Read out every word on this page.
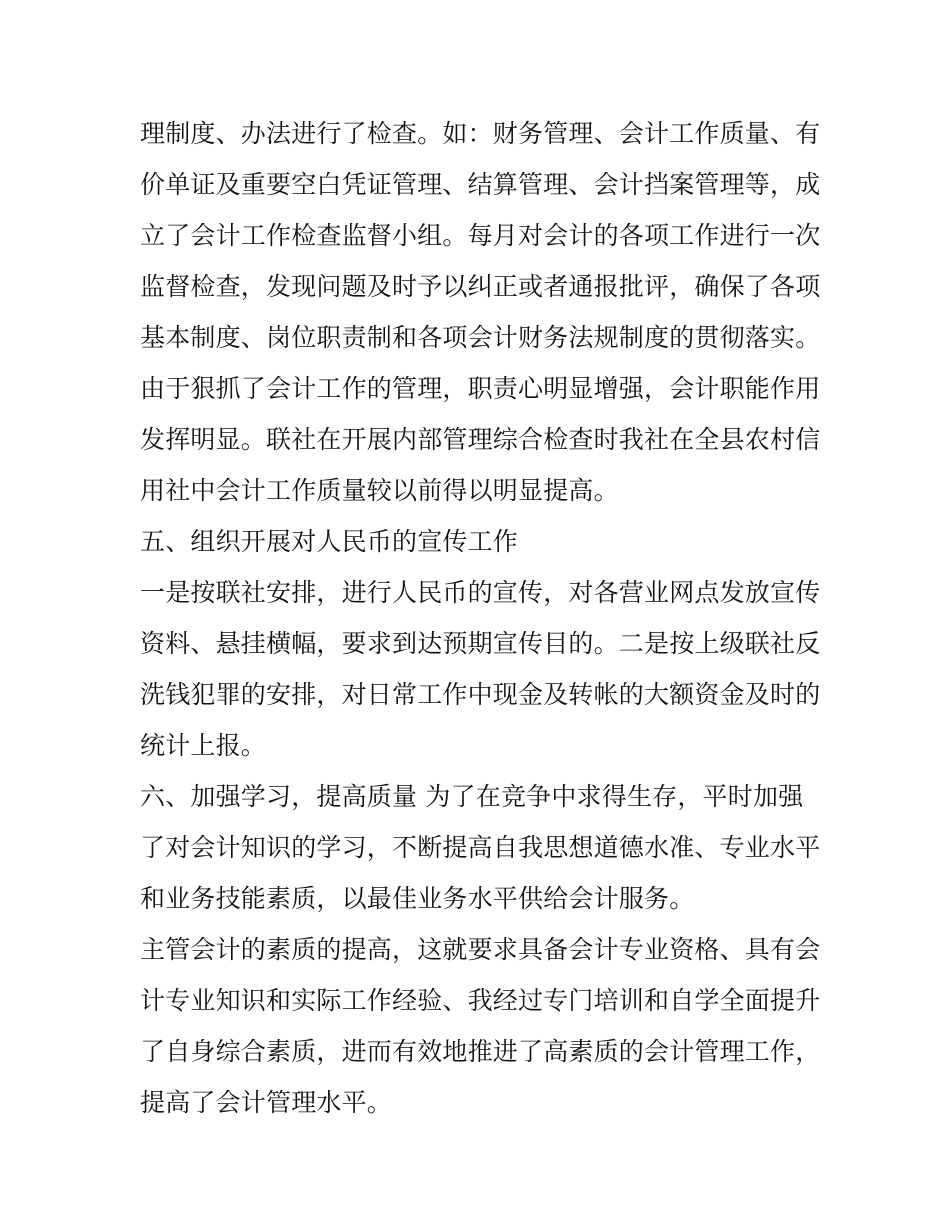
理制度、办法进行了检查。如：财务管理、会计工作质量、有
价单证及重要空白凭证管理、结算管理、会计挡案管理等，成
立了会计工作检查监督小组。每月对会计的各项工作进行一次
监督检查，发现问题及时予以纠正或者通报批评，确保了各项
基本制度、岗位职责制和各项会计财务法规制度的贯彻落实。
由于狠抓了会计工作的管理，职责心明显增强，会计职能作用
发挥明显。联社在开展内部管理综合检查时我社在全县农村信
用社中会计工作质量较以前得以明显提高。
五、组织开展对人民币的宣传工作
一是按联社安排，进行人民币的宣传，对各营业网点发放宣传
资料、悬挂横幅，要求到达预期宣传目的。二是按上级联社反
洗钱犯罪的安排，对日常工作中现金及转帐的大额资金及时的
统计上报。
六、加强学习，提高质量 为了在竞争中求得生存，平时加强
了对会计知识的学习，不断提高自我思想道德水准、专业水平
和业务技能素质，以最佳业务水平供给会计服务。
主管会计的素质的提高，这就要求具备会计专业资格、具有会
计专业知识和实际工作经验、我经过专门培训和自学全面提升
了自身综合素质，进而有效地推进了高素质的会计管理工作，
提高了会计管理水平。
